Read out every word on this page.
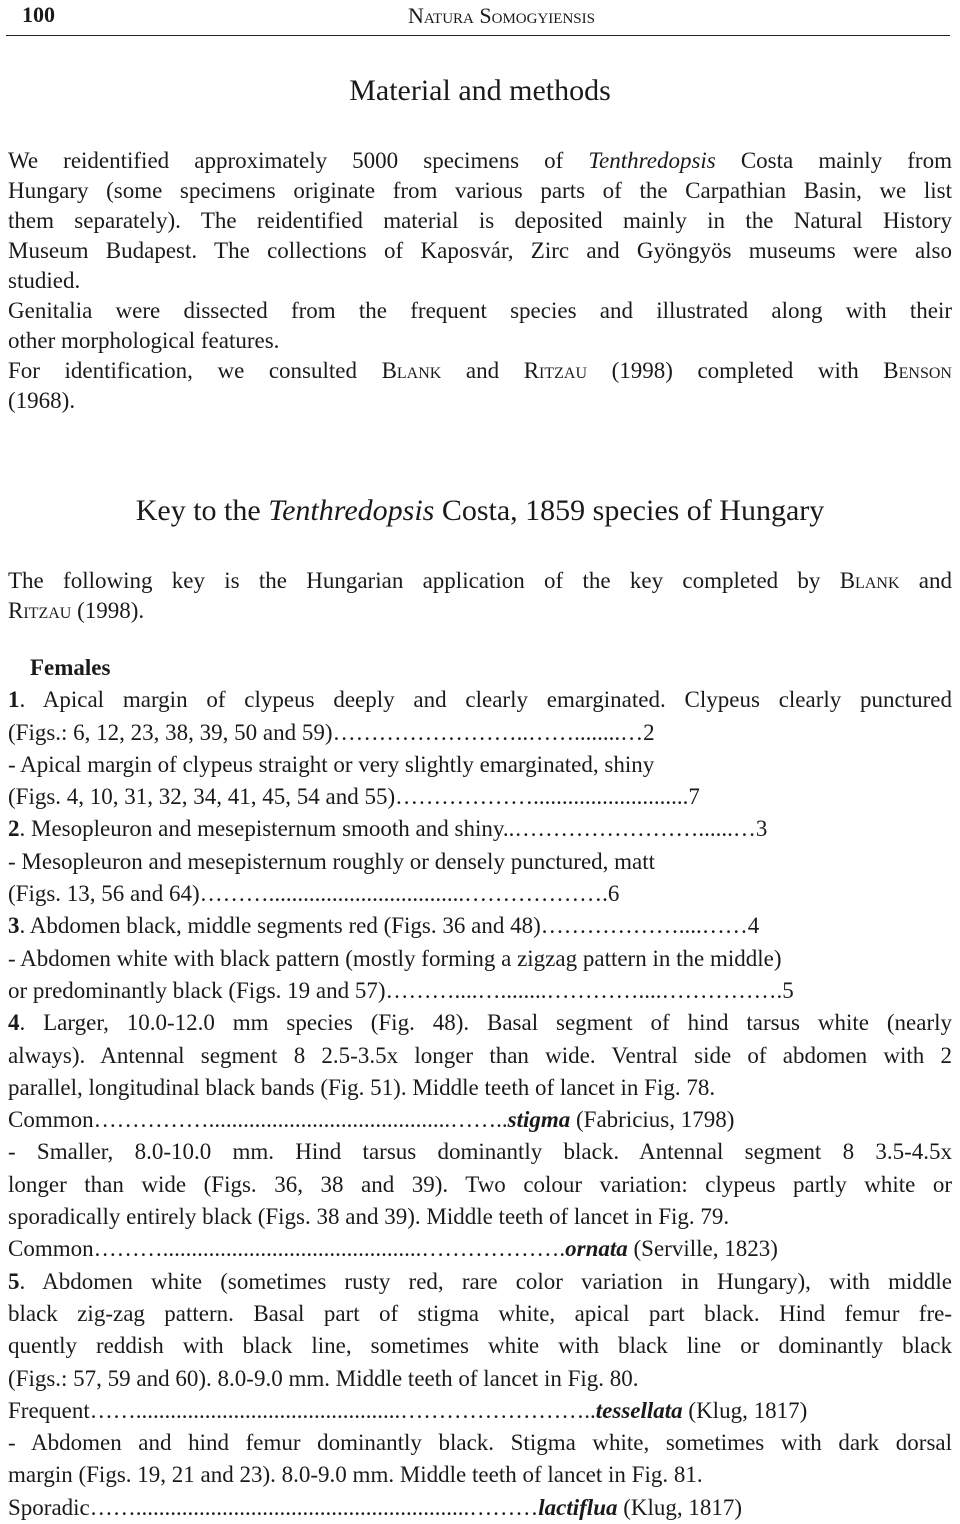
100	Natura Somogyiensis
Material and methods
We reidentified approximately 5000 specimens of Tenthredopsis Costa mainly from
Hungary (some specimens originate from various parts of the Carpathian Basin, we list
them separately). The reidentified material is deposited mainly in the Natural History
Museum Budapest. The collections of Kaposvár, Zirc and Gyöngyös museums were also
studied.
Genitalia were dissected from the frequent species and illustrated along with their
other morphological features.
For identification, we consulted Blank and Ritzau (1998) completed with Benson
(1968).
Key to the Tenthredopsis Costa, 1859 species of Hungary
The following key is the Hungarian application of the key completed by Blank and
Ritzau (1998).
Females
1. Apical margin of clypeus deeply and clearly emarginated. Clypeus clearly punctured
(Figs.: 6, 12, 23, 38, 39, 50 and 59)……………………..……........…2
- Apical margin of clypeus straight or very slightly emarginated, shiny
(Figs. 4, 10, 31, 32, 34, 41, 45, 54 and 55)………………...........................7
2. Mesopleuron and mesepisternum smooth and shiny..……………………......…3
- Mesopleuron and mesepisternum roughly or densely punctured, matt
(Figs. 13, 56 and 64)………..................................……………….6
3. Abdomen black, middle segments red (Figs. 36 and 48)………………....……4
- Abdomen white with black pattern (mostly forming a zigzag pattern in the middle)
or predominantly black (Figs. 19 and 57)………....…........…………....…………….5
4. Larger, 10.0-12.0 mm species (Fig. 48). Basal segment of hind tarsus white (nearly
always). Antennal segment 8 2.5-3.5x longer than wide. Ventral side of abdomen with 2
parallel, longitudinal black bands (Fig. 51). Middle teeth of lancet in Fig. 78.
Common……………..........................................……..stigma (Fabricius, 1798)
- Smaller, 8.0-10.0 mm. Hind tarsus dominantly black. Antennal segment 8 3.5-4.5x
longer than wide (Figs. 36, 38 and 39). Two colour variation: clypeus partly white or
sporadically entirely black (Figs. 38 and 39). Middle teeth of lancet in Fig. 79.
Common……….............................................……………….ornata (Serville, 1823)
5. Abdomen white (sometimes rusty red, rare color variation in Hungary), with middle
black zig-zag pattern. Basal part of stigma white, apical part black. Hind femur fre-
quently reddish with black line, sometimes white with black line or dominantly black
(Figs.: 57, 59 and 60). 8.0-9.0 mm. Middle teeth of lancet in Fig. 80.
Frequent……..............................................……………………..tessellata (Klug, 1817)
- Abdomen and hind femur dominantly black. Stigma white, sometimes with dark dorsal
margin (Figs. 19, 21 and 23). 8.0-9.0 mm. Middle teeth of lancet in Fig. 81.
Sporadic……..........................................................………lactiflua (Klug, 1817)
